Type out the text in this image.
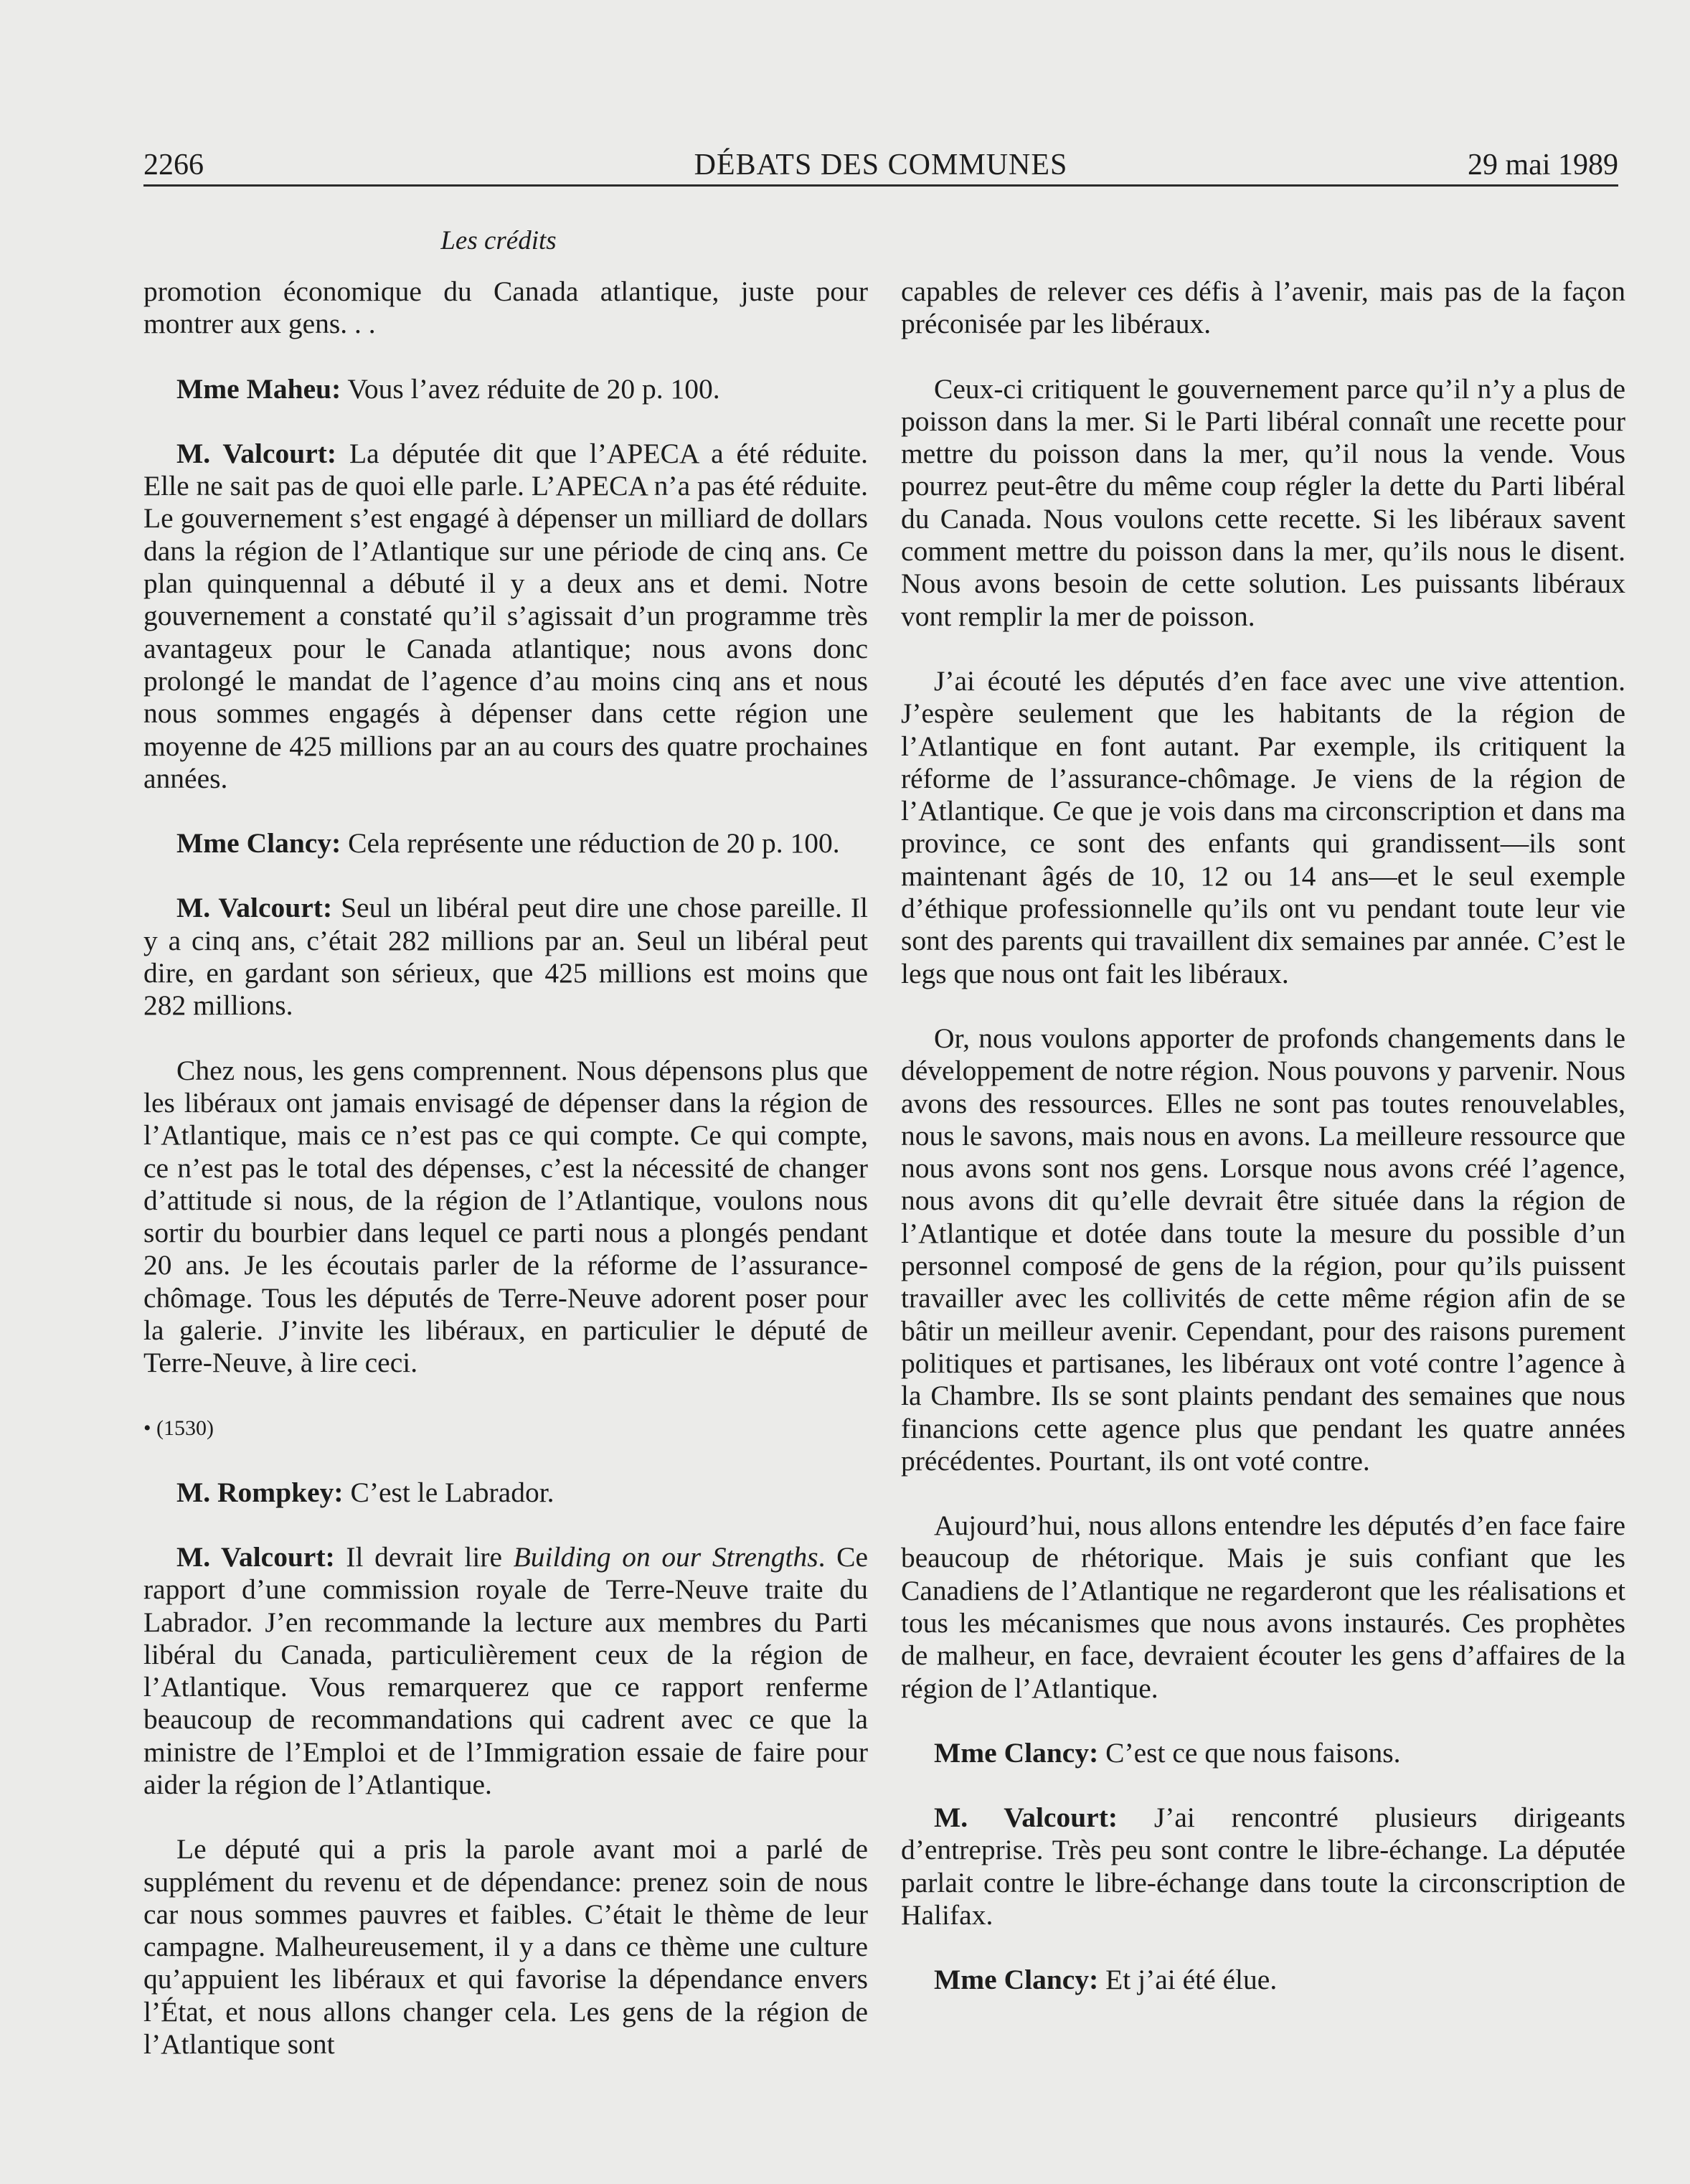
2266	DÉBATS DES COMMUNES	29 mai 1989
Les crédits

promotion économique du Canada atlantique, juste pour montrer aux gens. . .

Mme Maheu: Vous l’avez réduite de 20 p. 100.

M. Valcourt: La députée dit que l’APECA a été réduite. Elle ne sait pas de quoi elle parle. L’APECA n’a pas été réduite. Le gouvernement s’est engagé à dépenser un milliard de dollars dans la région de l’Atlantique sur une période de cinq ans. Ce plan quinquennal a débuté il y a deux ans et demi. Notre gouvernement a constaté qu’il s’agissait d’un programme très avantageux pour le Canada atlantique; nous avons donc prolongé le mandat de l’agence d’au moins cinq ans et nous nous sommes engagés à dépenser dans cette région une moyenne de 425 millions par an au cours des quatre prochaines années.

Mme Clancy: Cela représente une réduction de 20 p. 100.

M. Valcourt: Seul un libéral peut dire une chose pareille. Il y a cinq ans, c’était 282 millions par an. Seul un libéral peut dire, en gardant son sérieux, que 425 millions est moins que 282 millions.

Chez nous, les gens comprennent. Nous dépensons plus que les libéraux ont jamais envisagé de dépenser dans la région de l’Atlantique, mais ce n’est pas ce qui compte. Ce qui compte, ce n’est pas le total des dépenses, c’est la nécessité de changer d’attitude si nous, de la région de l’Atlantique, voulons nous sortir du bourbier dans lequel ce parti nous a plongés pendant 20 ans. Je les écoutais parler de la réforme de l’assurance-chômage. Tous les députés de Terre-Neuve adorent poser pour la galerie. J’invite les libéraux, en particulier le député de Terre-Neuve, à lire ceci.

• (1530)

M. Rompkey: C’est le Labrador.

M. Valcourt: Il devrait lire Building on our Strengths. Ce rapport d’une commission royale de Terre-Neuve traite du Labrador. J’en recommande la lecture aux membres du Parti libéral du Canada, particulièrement ceux de la région de l’Atlantique. Vous remarquerez que ce rapport renferme beaucoup de recommandations qui cadrent avec ce que la ministre de l’Emploi et de l’Immigration essaie de faire pour aider la région de l’Atlantique.

Le député qui a pris la parole avant moi a parlé de supplément du revenu et de dépendance: prenez soin de nous car nous sommes pauvres et faibles. C’était le thème de leur campagne. Malheureusement, il y a dans ce thème une culture qu’appuient les libéraux et qui favorise la dépendance envers l’État, et nous allons changer cela. Les gens de la région de l’Atlantique sont

capables de relever ces défis à l’avenir, mais pas de la façon préconisée par les libéraux.

Ceux-ci critiquent le gouvernement parce qu’il n’y a plus de poisson dans la mer. Si le Parti libéral connaît une recette pour mettre du poisson dans la mer, qu’il nous la vende. Vous pourrez peut-être du même coup régler la dette du Parti libéral du Canada. Nous voulons cette recette. Si les libéraux savent comment mettre du poisson dans la mer, qu’ils nous le disent. Nous avons besoin de cette solution. Les puissants libéraux vont remplir la mer de poisson.

J’ai écouté les députés d’en face avec une vive attention. J’espère seulement que les habitants de la région de l’Atlantique en font autant. Par exemple, ils critiquent la réforme de l’assurance-chômage. Je viens de la région de l’Atlantique. Ce que je vois dans ma circonscription et dans ma province, ce sont des enfants qui grandissent—ils sont maintenant âgés de 10, 12 ou 14 ans—et le seul exemple d’éthique professionnelle qu’ils ont vu pendant toute leur vie sont des parents qui travaillent dix semaines par année. C’est le legs que nous ont fait les libéraux.

Or, nous voulons apporter de profonds changements dans le développement de notre région. Nous pouvons y parvenir. Nous avons des ressources. Elles ne sont pas toutes renouvelables, nous le savons, mais nous en avons. La meilleure ressource que nous avons sont nos gens. Lorsque nous avons créé l’agence, nous avons dit qu’elle devrait être située dans la région de l’Atlantique et dotée dans toute la mesure du possible d’un personnel composé de gens de la région, pour qu’ils puissent travailler avec les collivités de cette même région afin de se bâtir un meilleur avenir. Cependant, pour des raisons purement politiques et partisanes, les libéraux ont voté contre l’agence à la Chambre. Ils se sont plaints pendant des semaines que nous financions cette agence plus que pendant les quatre années précédentes. Pourtant, ils ont voté contre.

Aujourd’hui, nous allons entendre les députés d’en face faire beaucoup de rhétorique. Mais je suis confiant que les Canadiens de l’Atlantique ne regarderont que les réalisations et tous les mécanismes que nous avons instaurés. Ces prophètes de malheur, en face, devraient écouter les gens d’affaires de la région de l’Atlantique.

Mme Clancy: C’est ce que nous faisons.

M. Valcourt: J’ai rencontré plusieurs dirigeants d’entreprise. Très peu sont contre le libre-échange. La députée parlait contre le libre-échange dans toute la circonscription de Halifax.

Mme Clancy: Et j’ai été élue.
